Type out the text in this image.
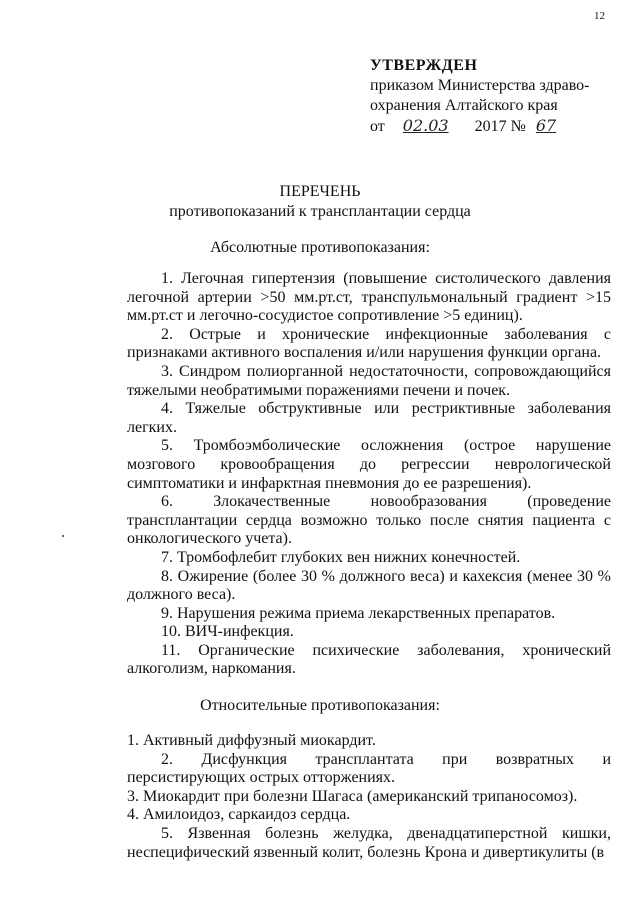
12
УТВЕРЖДЕН
приказом Министерства здраво-
охранения Алтайского края
от 02.03 2017 № 67
ПЕРЕЧЕНЬ
противопоказаний к трансплантации сердца
Абсолютные противопоказания:

1. Легочная гипертензия (повышение систолического давления легочной артерии >50 мм.рт.ст, транспульмональный градиент >15 мм.рт.ст и легочно-сосудистое сопротивление >5 единиц).

2. Острые и хронические инфекционные заболевания с признаками активного воспаления и/или нарушения функции органа.

3. Синдром полиорганной недостаточности, сопровождающийся тяжелыми необратимыми поражениями печени и почек.

4. Тяжелые обструктивные или рестриктивные заболевания легких.

5. Тромбоэмболические осложнения (острое нарушение мозгового кровообращения до регрессии неврологической симптоматики и инфарктная пневмония до ее разрешения).

6. Злокачественные новообразования (проведение трансплантации сердца возможно только после снятия пациента с онкологического учета).

7. Тромбофлебит глубоких вен нижних конечностей.

8. Ожирение (более 30 % должного веса) и кахексия (менее 30 % должного веса).

9. Нарушения режима приема лекарственных препаратов.

10. ВИЧ-инфекция.

11. Органические психические заболевания, хронический алкоголизм, наркомания.

Относительные противопоказания:

1. Активный диффузный миокардит.

2. Дисфункция трансплантата при возвратных и персистирующих острых отторжениях.

3. Миокардит при болезни Шагаса (американский трипаносомоз).

4. Амилоидоз, саркаидоз сердца.

5. Язвенная болезнь желудка, двенадцатиперстной кишки, неспецифический язвенный колит, болезнь Крона и дивертикулиты (в
